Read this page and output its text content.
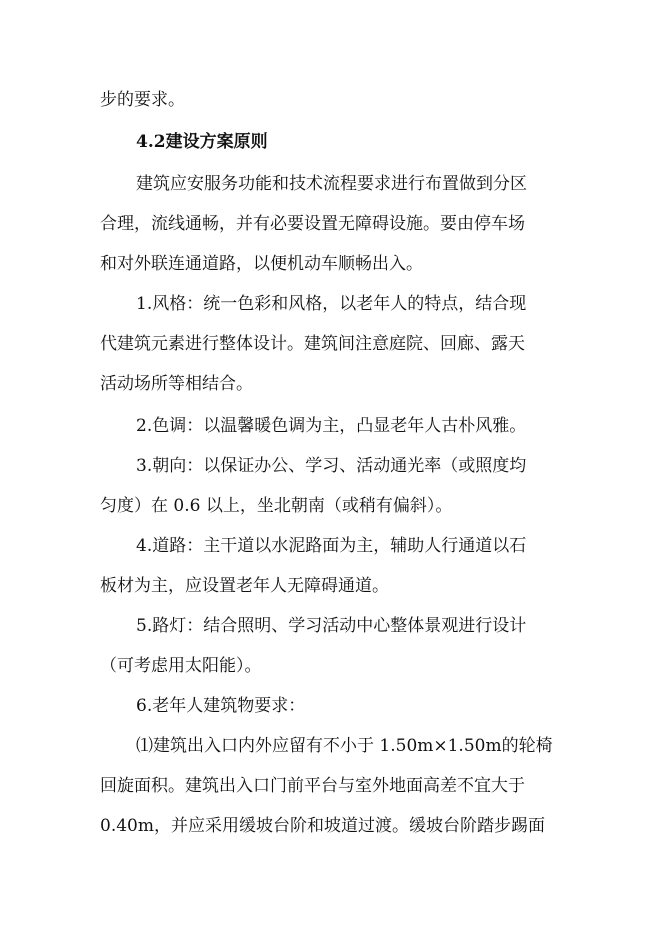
步的要求。
4.2建设方案原则
建筑应安服务功能和技术流程要求进行布置做到分区
合理，流线通畅，并有必要设置无障碍设施。要由停车场
和对外联连通道路，以便机动车顺畅出入。
1.风格：统一色彩和风格，以老年人的特点，结合现
代建筑元素进行整体设计。建筑间注意庭院、回廊、露天
活动场所等相结合。
2.色调：以温馨暖色调为主，凸显老年人古朴风雅。
3.朝向：以保证办公、学习、活动通光率（或照度均
匀度）在 0.6 以上，坐北朝南（或稍有偏斜）。
4.道路：主干道以水泥路面为主，辅助人行通道以石
板材为主，应设置老年人无障碍通道。
5.路灯：结合照明、学习活动中心整体景观进行设计
（可考虑用太阳能）。
6.老年人建筑物要求：
⑴建筑出入口内外应留有不小于 1.50m×1.50m的轮椅
回旋面积。建筑出入口门前平台与室外地面高差不宜大于
0.40m，并应采用缓坡台阶和坡道过渡。缓坡台阶踏步踢面
